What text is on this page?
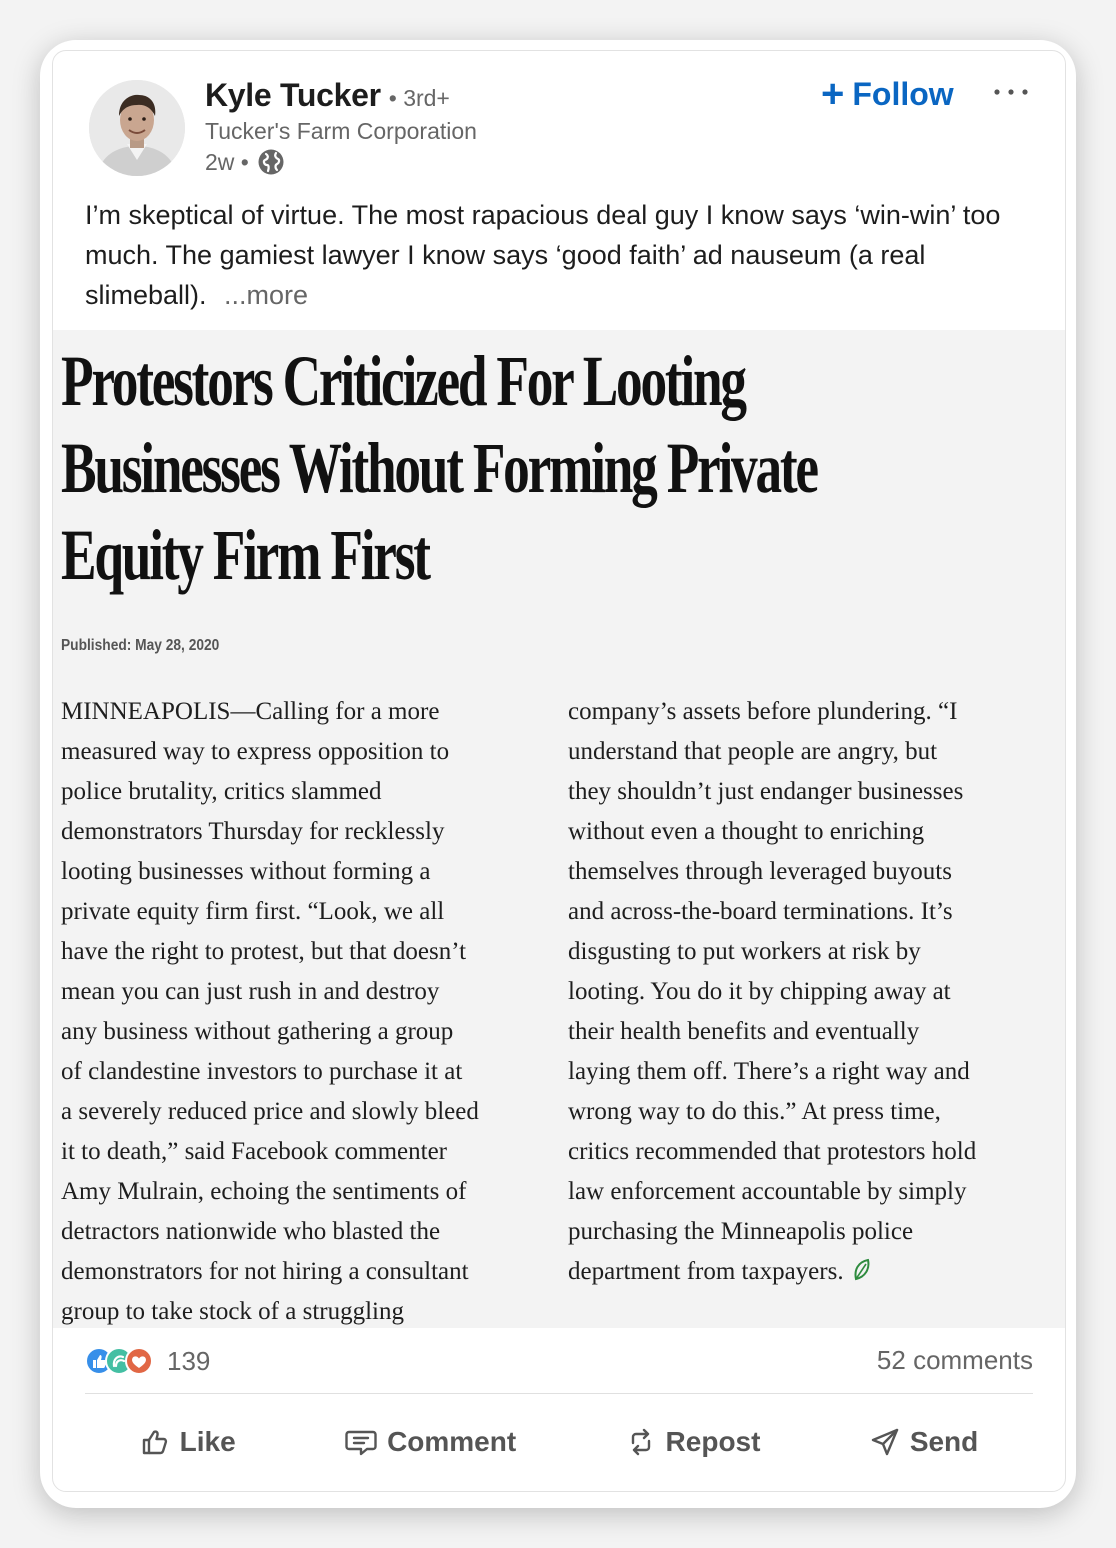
Kyle Tucker • 3rd+
Tucker's Farm Corporation
2w •
+ Follow
I’m skeptical of virtue. The most rapacious deal guy I know says ‘win-win’ too much. The gamiest lawyer I know says ‘good faith’ ad nauseum (a real slimeball). ...more
Protestors Criticized For Looting
Businesses Without Forming Private
Equity Firm First
Published: May 28, 2020
MINNEAPOLIS—Calling for a more
measured way to express opposition to
police brutality, critics slammed
demonstrators Thursday for recklessly
looting businesses without forming a
private equity firm first. “Look, we all
have the right to protest, but that doesn’t
mean you can just rush in and destroy
any business without gathering a group
of clandestine investors to purchase it at
a severely reduced price and slowly bleed
it to death,” said Facebook commenter
Amy Mulrain, echoing the sentiments of
detractors nationwide who blasted the
demonstrators for not hiring a consultant
group to take stock of a struggling
company’s assets before plundering. “I
understand that people are angry, but
they shouldn’t just endanger businesses
without even a thought to enriching
themselves through leveraged buyouts
and across-the-board terminations. It’s
disgusting to put workers at risk by
looting. You do it by chipping away at
their health benefits and eventually
laying them off. There’s a right way and
wrong way to do this.” At press time,
critics recommended that protestors hold
law enforcement accountable by simply
purchasing the Minneapolis police
department from taxpayers.
139	52 comments
Like	Comment	Repost	Send
